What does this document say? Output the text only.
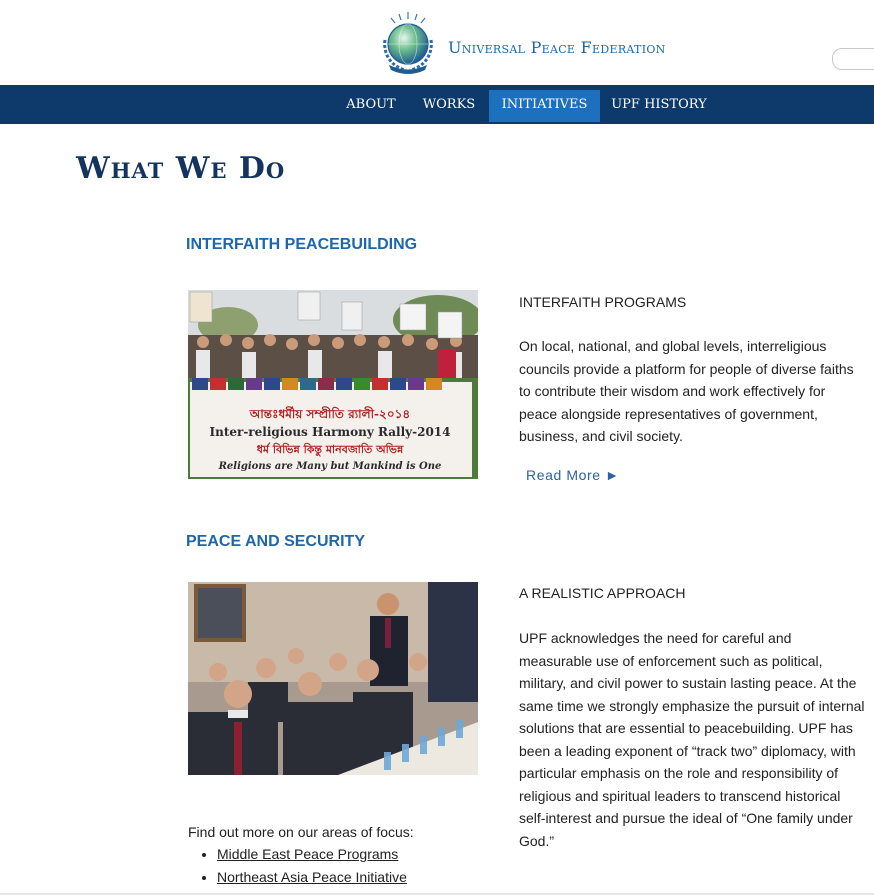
Universal Peace Federation
ABOUT	WORKS	INITIATIVES	UPF HISTORY
What We Do
INTERFAITH PEACEBUILDING
আন্তঃধর্মীয় সম্প্রীতি র‍্যালী-২০১৪
Inter-religious Harmony Rally-2014
ধর্ম বিভিন্ন কিন্তু মানবজাতি অভিন্ন
Religions are Many but Mankind is One
INTERFAITH PROGRAMS
On local, national, and global levels, interreligious councils provide a platform for people of diverse faiths to contribute their wisdom and work effectively for peace alongside representatives of government, business, and civil society.
Read More ►
PEACE AND SECURITY
A REALISTIC APPROACH
UPF acknowledges the need for careful and measurable use of enforcement such as political, military, and civil power to sustain lasting peace. At the same time we strongly emphasize the pursuit of internal solutions that are essential to peacebuilding. UPF has been a leading exponent of “track two” diplomacy, with particular emphasis on the role and responsibility of religious and spiritual leaders to transcend historical self-interest and pursue the ideal of “One family under God.”
Find out more on our areas of focus:
• Middle East Peace Programs
• Northeast Asia Peace Initiative
